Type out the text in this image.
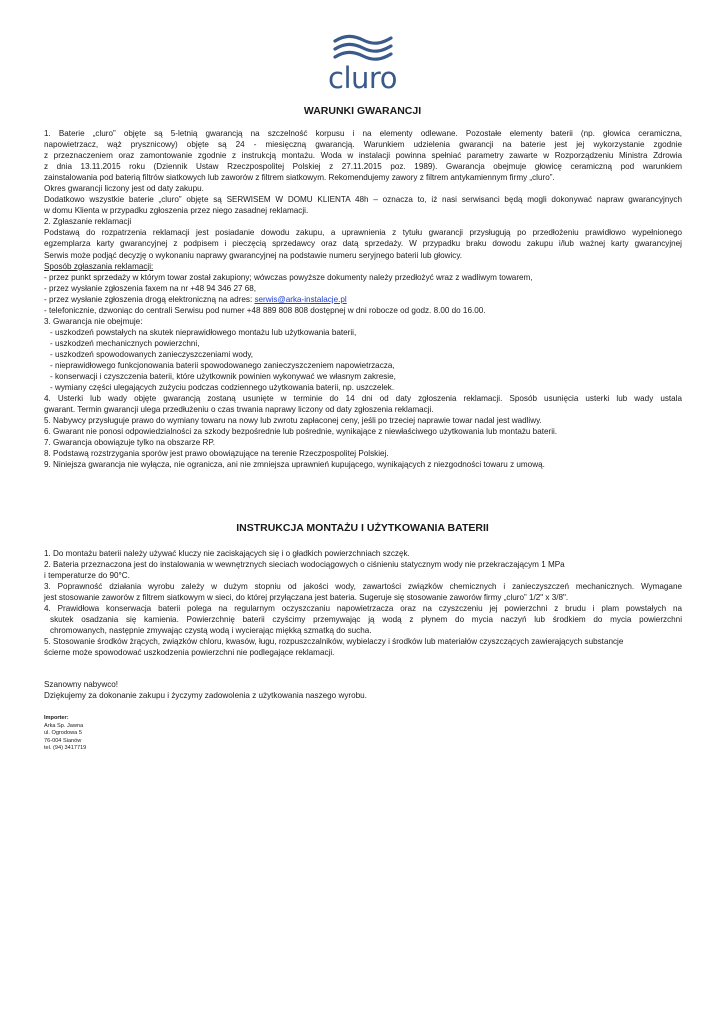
cluro
WARUNKI GWARANCJI

1. Baterie „cluro” objęte są 5-letnią gwarancją na szczelność korpusu i na elementy odlewane. Pozostałe elementy baterii (np. głowica ceramiczna,

napowietrzacz, wąż prysznicowy) objęte są 24 - miesięczną gwarancją. Warunkiem udzielenia gwarancji na baterie jest jej wykorzystanie zgodnie

z przeznaczeniem oraz zamontowanie zgodnie z instrukcją montażu. Woda w instalacji powinna spełniać parametry zawarte w Rozporządzeniu Ministra Zdrowia

z dnia 13.11.2015 roku (Dziennik Ustaw Rzeczpospolitej Polskiej z 27.11.2015 poz. 1989). Gwarancja obejmuje głowicę ceramiczną pod warunkiem

zainstalowania pod baterią filtrów siatkowych lub zaworów z filtrem siatkowym. Rekomendujemy zawory z filtrem antykamiennym firmy „cluro”.

Okres gwarancji liczony jest od daty zakupu.

Dodatkowo wszystkie baterie „cluro” objęte są SERWISEM W DOMU KLIENTA 48h – oznacza to, iż nasi serwisanci będą mogli dokonywać napraw gwarancyjnych

w domu Klienta w przypadku zgłoszenia przez niego zasadnej reklamacji.

2. Zgłaszanie reklamacji

Podstawą do rozpatrzenia reklamacji jest posiadanie dowodu zakupu, a uprawnienia z tytułu gwarancji przysługują po przedłożeniu prawidłowo wypełnionego

egzemplarza karty gwarancyjnej z podpisem i pieczęcią sprzedawcy oraz datą sprzedaży. W przypadku braku dowodu zakupu i/lub ważnej karty gwarancyjnej

Serwis może podjąć decyzję o wykonaniu naprawy gwarancyjnej na podstawie numeru seryjnego baterii lub głowicy.

Sposób zgłaszania reklamacji:

- przez punkt sprzedaży w którym towar został zakupiony; wówczas powyższe dokumenty należy przedłożyć wraz z wadliwym towarem,

- przez wysłanie zgłoszenia faxem na nr +48 94 346 27 68,

- przez wysłanie zgłoszenia drogą elektroniczną na adres: serwis@arka-instalacje.pl

- telefonicznie, dzwoniąc do centrali Serwisu pod numer +48 889 808 808 dostępnej w dni robocze od godz. 8.00 do 16.00.

3. Gwarancja nie obejmuje:

- uszkodzeń powstałych na skutek nieprawidłowego montażu lub użytkowania baterii,

- uszkodzeń mechanicznych powierzchni,

- uszkodzeń spowodowanych zanieczyszczeniami wody,

- nieprawidłowego funkcjonowania baterii spowodowanego zanieczyszczeniem napowietrzacza,

- konserwacji i czyszczenia baterii, które użytkownik powinien wykonywać we własnym zakresie,

- wymiany części ulegających zużyciu podczas codziennego użytkowania baterii, np. uszczelek.

4. Usterki lub wady objęte gwarancją zostaną usunięte w terminie do 14 dni od daty zgłoszenia reklamacji. Sposób usunięcia usterki lub wady ustala

gwarant. Termin gwarancji ulega przedłużeniu o czas trwania naprawy liczony od daty zgłoszenia reklamacji.

5. Nabywcy przysługuje prawo do wymiany towaru na nowy lub zwrotu zapłaconej ceny, jeśli po trzeciej naprawie towar nadal jest wadliwy.

6. Gwarant nie ponosi odpowiedzialności za szkody bezpośrednie lub pośrednie, wynikające z niewłaściwego użytkowania lub montażu baterii.

7. Gwarancja obowiązuje tylko na obszarze RP.

8. Podstawą rozstrzygania sporów jest prawo obowiązujące na terenie Rzeczpospolitej Polskiej.

9. Niniejsza gwarancja nie wyłącza, nie ogranicza, ani nie zmniejsza uprawnień kupującego, wynikających z niezgodności towaru z umową.

INSTRUKCJA MONTAŻU I UŻYTKOWANIA BATERII

1. Do montażu baterii należy używać kluczy nie zaciskających się i o gładkich powierzchniach szczęk.

2. Bateria przeznaczona jest do instalowania w wewnętrznych sieciach wodociągowych o ciśnieniu statycznym wody nie przekraczającym 1 MPa

i temperaturze do 90°C.

3. Poprawność działania wyrobu zależy w dużym stopniu od jakości wody, zawartości związków chemicznych i zanieczyszczeń mechanicznych. Wymagane

jest stosowanie zaworów z filtrem siatkowym w sieci, do której przyłączana jest bateria. Sugeruje się stosowanie zaworów firmy „cluro” 1/2" x 3/8".

4. Prawidłowa konserwacja baterii polega na regularnym oczyszczaniu napowietrzacza oraz na czyszczeniu jej powierzchni z brudu i plam powstałych na

skutek osadzania się kamienia. Powierzchnię baterii czyścimy przemywając ją wodą z płynem do mycia naczyń lub środkiem do mycia powierzchni

chromowanych, następnie zmywając czystą wodą i wycierając miękką szmatką do sucha.

5. Stosowanie środków żrących, związków chloru, kwasów, ługu, rozpuszczalników, wybielaczy i środków lub materiałów czyszczących zawierających substancje

ścierne może spowodować uszkodzenia powierzchni nie podlegające reklamacji.

Szanowny nabywco!

Dziękujemy za dokonanie zakupu i życzymy zadowolenia z użytkowania naszego wyrobu.

Importer:
Arka Sp. Jawna
ul. Ogrodowa 5
76-004 Sianów
tel. (94) 3417719
